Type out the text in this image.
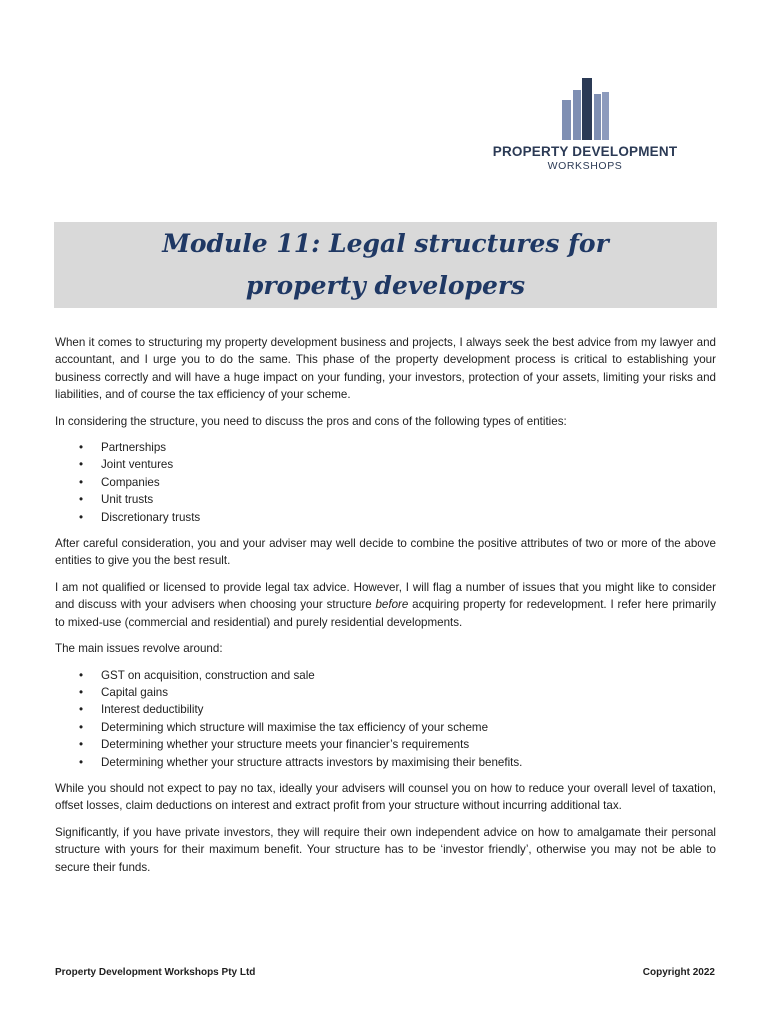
PROPERTY DEVELOPMENT
WORKSHOPS
Module 11: Legal structures for property developers

When it comes to structuring my property development business and projects, I always seek the best advice from my lawyer and accountant, and I urge you to do the same. This phase of the property development process is critical to establishing your business correctly and will have a huge impact on your funding, your investors, protection of your assets, limiting your risks and liabilities, and of course the tax efficiency of your scheme.

In considering the structure, you need to discuss the pros and cons of the following types of entities:

• Partnerships
• Joint ventures
• Companies
• Unit trusts
• Discretionary trusts

After careful consideration, you and your adviser may well decide to combine the positive attributes of two or more of the above entities to give you the best result.

I am not qualified or licensed to provide legal tax advice. However, I will flag a number of issues that you might like to consider and discuss with your advisers when choosing your structure before acquiring property for redevelopment. I refer here primarily to mixed-use (commercial and residential) and purely residential developments.

The main issues revolve around:

• GST on acquisition, construction and sale
• Capital gains
• Interest deductibility
• Determining which structure will maximise the tax efficiency of your scheme
• Determining whether your structure meets your financier’s requirements
• Determining whether your structure attracts investors by maximising their benefits.

While you should not expect to pay no tax, ideally your advisers will counsel you on how to reduce your overall level of taxation, offset losses, claim deductions on interest and extract profit from your structure without incurring additional tax.

Significantly, if you have private investors, they will require their own independent advice on how to amalgamate their personal structure with yours for their maximum benefit. Your structure has to be ‘investor friendly’, otherwise you may not be able to secure their funds.

Property Development Workshops Pty Ltd	Copyright 2022
